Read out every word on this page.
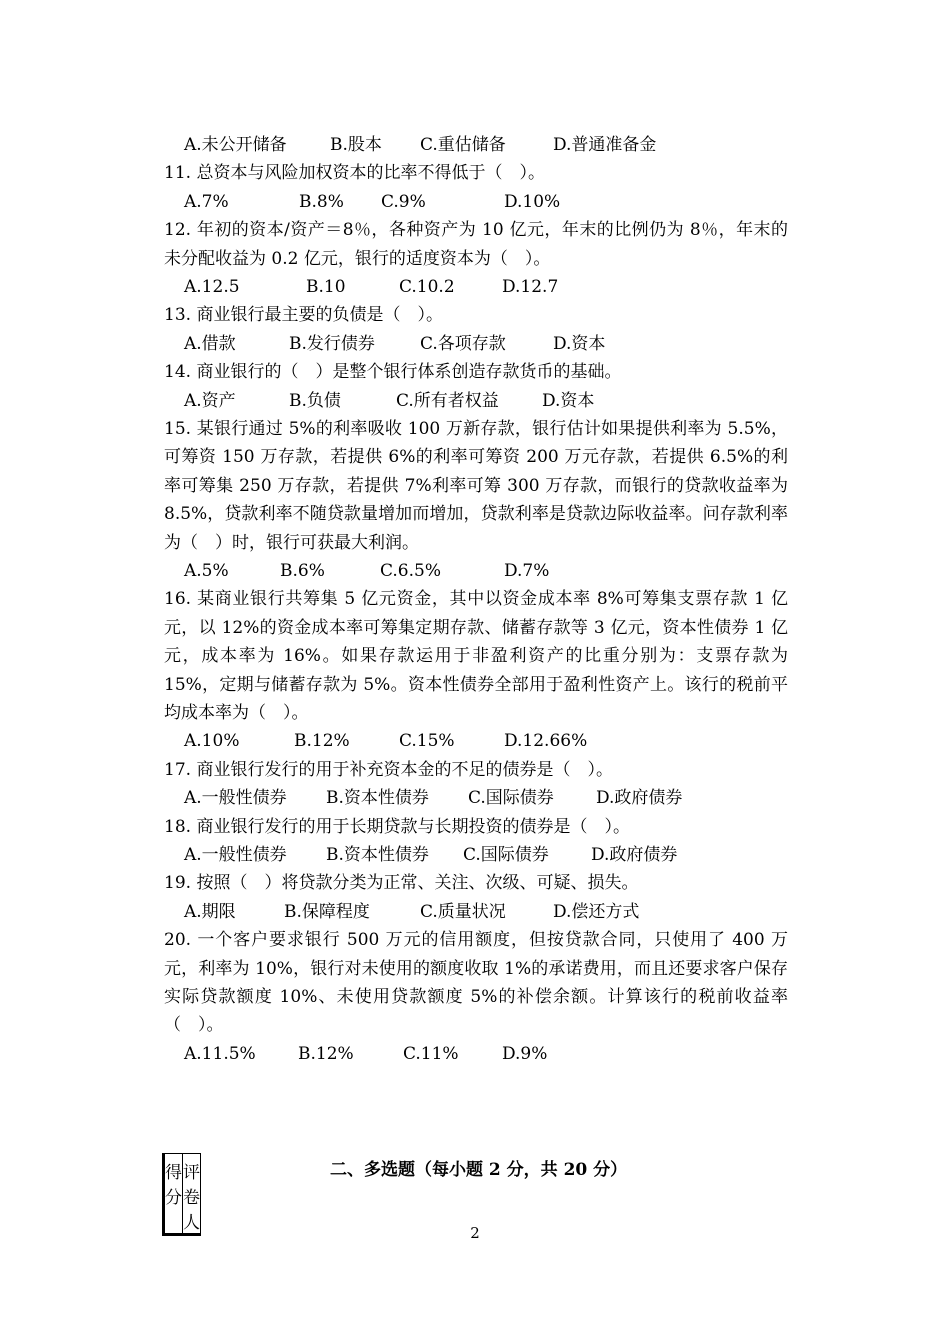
A.未公开储备	B.股本 C.重估储备	D.普通准备金
11. 总资本与风险加权资本的比率不得低于（　）。
A.7%	B.8% C.9%	D.10%
12. 年初的资本/资产＝8％，各种资产为 10 亿元，年末的比例仍为 8％，年末的未分配收益为 0.2 亿元，银行的适度资本为（　）。
A.12.5	B.10	C.10.2	D.12.7
13. 商业银行最主要的负债是（　）。
A.借款	B.发行债券	C.各项存款	D.资本
14. 商业银行的（　）是整个银行体系创造存款货币的基础。
A.资产	B.负债	C.所有者权益	D.资本
15. 某银行通过 5%的利率吸收 100 万新存款，银行估计如果提供利率为 5.5%，可筹资 150 万存款，若提供 6%的利率可筹资 200 万元存款，若提供 6.5%的利率可筹集 250 万存款，若提供 7%利率可筹 300 万存款，而银行的贷款收益率为 8.5%，贷款利率不随贷款量增加而增加，贷款利率是贷款边际收益率。问存款利率为（　）时，银行可获最大利润。
A.5%	B.6%	C.6.5%	D.7%
16. 某商业银行共筹集 5 亿元资金，其中以资金成本率 8%可筹集支票存款 1 亿元，以 12%的资金成本率可筹集定期存款、储蓄存款等 3 亿元，资本性债券 1 亿元，成本率为 16%。如果存款运用于非盈利资产的比重分别为：支票存款为 15%，定期与储蓄存款为 5%。资本性债券全部用于盈利性资产上。该行的税前平均成本率为（　）。
A.10%	B.12%	C.15%	D.12.66%
17. 商业银行发行的用于补充资本金的不足的债券是（　）。
A.一般性债券 B.资本性债券 C.国际债券 D.政府债券
18. 商业银行发行的用于长期贷款与长期投资的债券是（　）。
A.一般性债券 B.资本性债券 C.国际债券 D.政府债券
19. 按照（　）将贷款分类为正常、关注、次级、可疑、损失。
A.期限	B.保障程度	C.质量状况	D.偿还方式
20. 一个客户要求银行 500 万元的信用额度，但按贷款合同，只使用了 400 万元，利率为 10%，银行对未使用的额度收取 1%的承诺费用，而且还要求客户保存实际贷款额度 10%、未使用贷款额度 5%的补偿余额。计算该行的税前收益率（　）。
A.11.5% B.12%	C.11%	D.9%
得分	评卷人
二、多选题（每小题 2 分，共 20 分）
2
